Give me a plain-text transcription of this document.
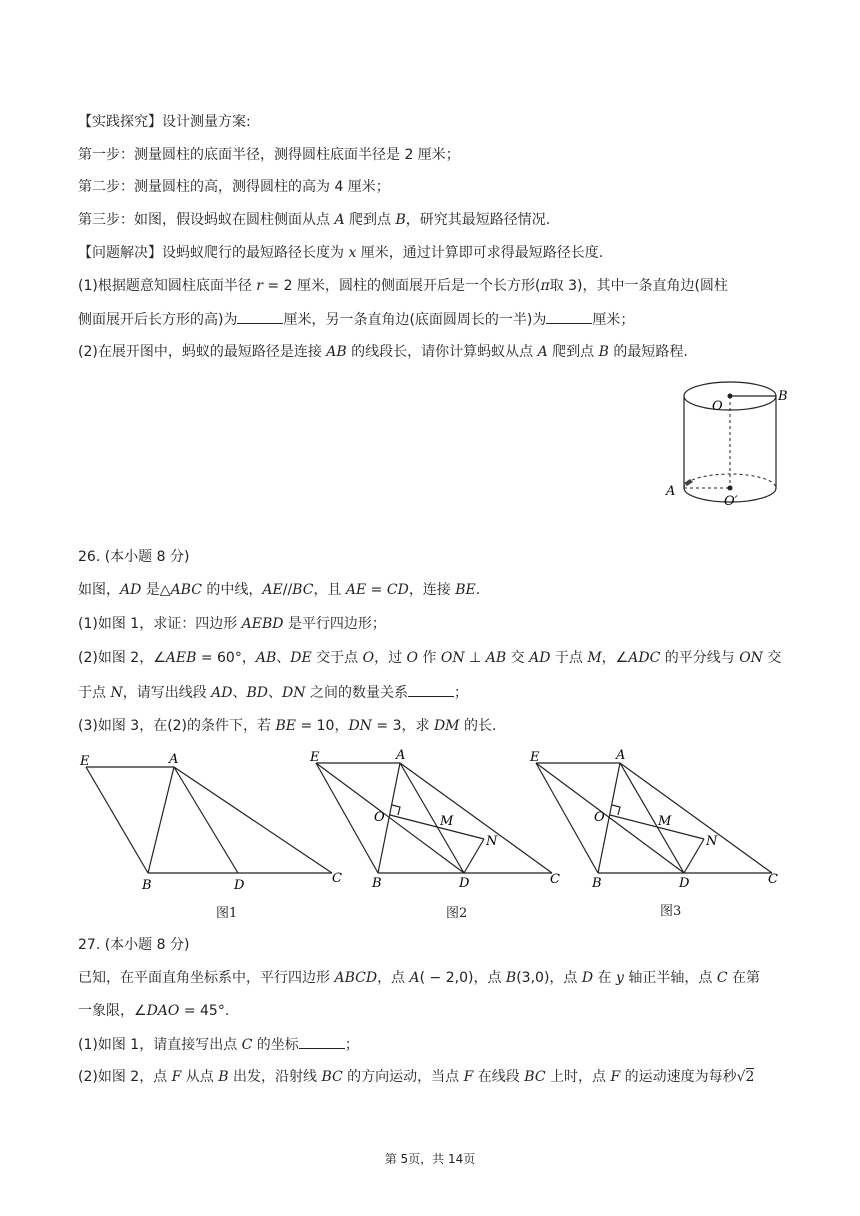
【实践探究】设计测量方案:
第一步：测量圆柱的底面半径，测得圆柱底面半径是 2 厘米；
第二步：测量圆柱的高，测得圆柱的高为 4 厘米；
第三步：如图，假设蚂蚁在圆柱侧面从点 A 爬到点 B，研究其最短路径情况.
【问题解决】设蚂蚁爬行的最短路径长度为 x 厘米，通过计算即可求得最短路径长度.
(1)根据题意知圆柱底面半径 r = 2 厘米，圆柱的侧面展开后是一个长方形(π取 3)，其中一条直角边(圆柱
侧面展开后长方形的高)为	厘米，另一条直角边(底面圆周长的一半)为	厘米；
(2)在展开图中，蚂蚁的最短路径是连接 AB 的线段长，请你计算蚂蚁从点 A 爬到点 B 的最短路程.
O
B
A
O′
26. (本小题 8 分)
如图，AD 是△ABC 的中线，AE//BC，且 AE = CD，连接 BE.
(1)如图 1，求证：四边形 AEBD 是平行四边形；
(2)如图 2，∠AEB = 60°，AB、DE 交于点 O，过 O 作 ON ⊥ AB 交 AD 于点 M，∠ADC 的平分线与 ON 交
于点 N，请写出线段 AD、BD、DN 之间的数量关系	；
(3)如图 3，在(2)的条件下，若 BE = 10，DN = 3，求 DM 的长.
E	A
B	D	C
图1
E	A
O	M
N
B	D	C
图2
E	A
O	M
N
B	D	C
图3
27. (本小题 8 分)
已知，在平面直角坐标系中，平行四边形 ABCD，点 A( − 2,0)，点 B(3,0)，点 D 在 y 轴正半轴，点 C 在第
一象限，∠DAO = 45°.
(1)如图 1，请直接写出点 C 的坐标	；
(2)如图 2，点 F 从点 B 出发，沿射线 BC 的方向运动，当点 F 在线段 BC 上时，点 F 的运动速度为每秒√2
第 5页，共 14页
